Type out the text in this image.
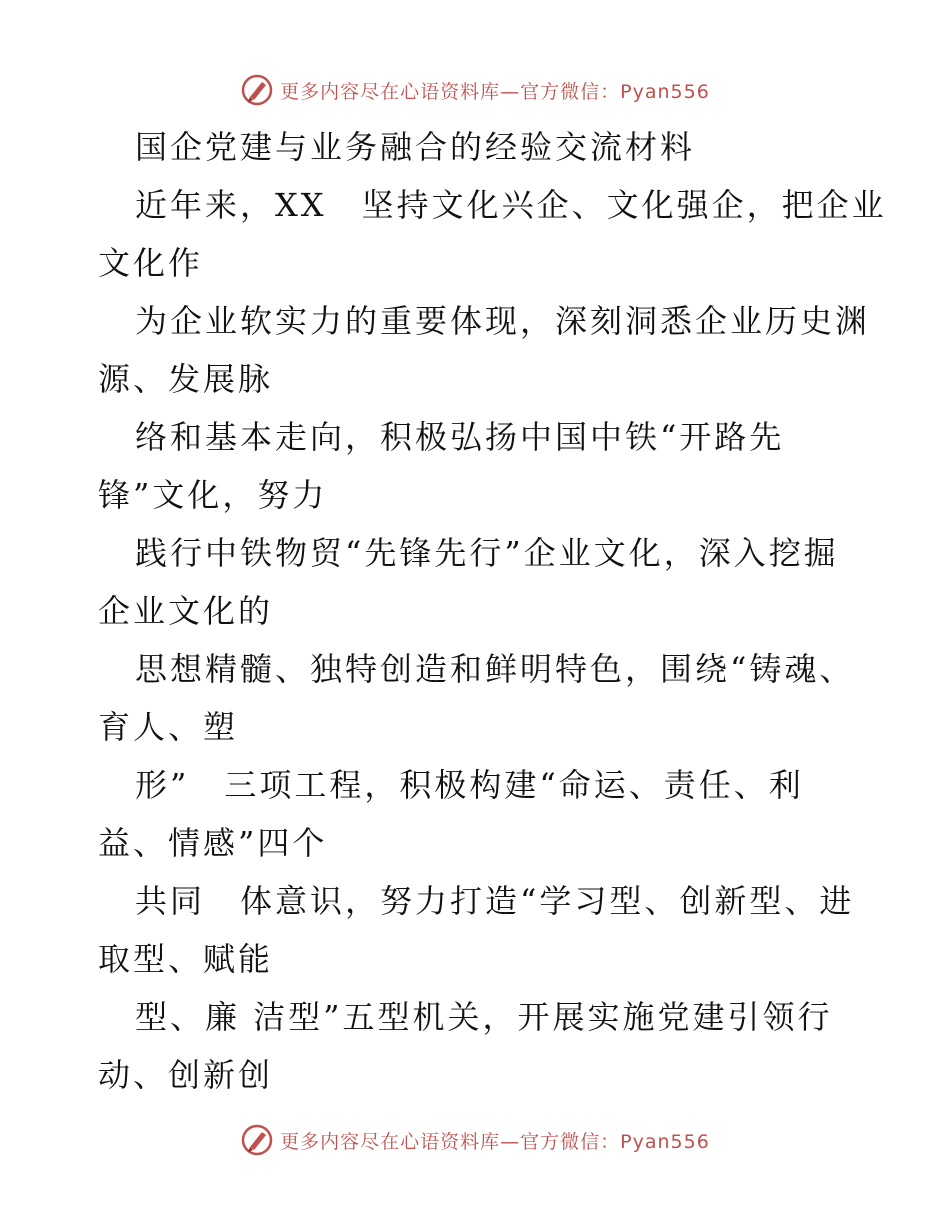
更多内容尽在心语资料库—官方微信：Pyan556
国企党建与业务融合的经验交流材料
近年来，XX　坚持文化兴企、文化强企，把企业
文化作
为企业软实力的重要体现，深刻洞悉企业历史渊
源、发展脉
络和基本走向，积极弘扬中国中铁“开路先
锋”文化，努力
践行中铁物贸“先锋先行”企业文化，深入挖掘
企业文化的
思想精髓、独特创造和鲜明特色，围绕“铸魂、
育人、塑
形”　三项工程，积极构建“命运、责任、利
益、情感”四个
共同　体意识，努力打造“学习型、创新型、进
取型、赋能
型、廉 洁型”五型机关，开展实施党建引领行
动、创新创
更多内容尽在心语资料库—官方微信：Pyan556
